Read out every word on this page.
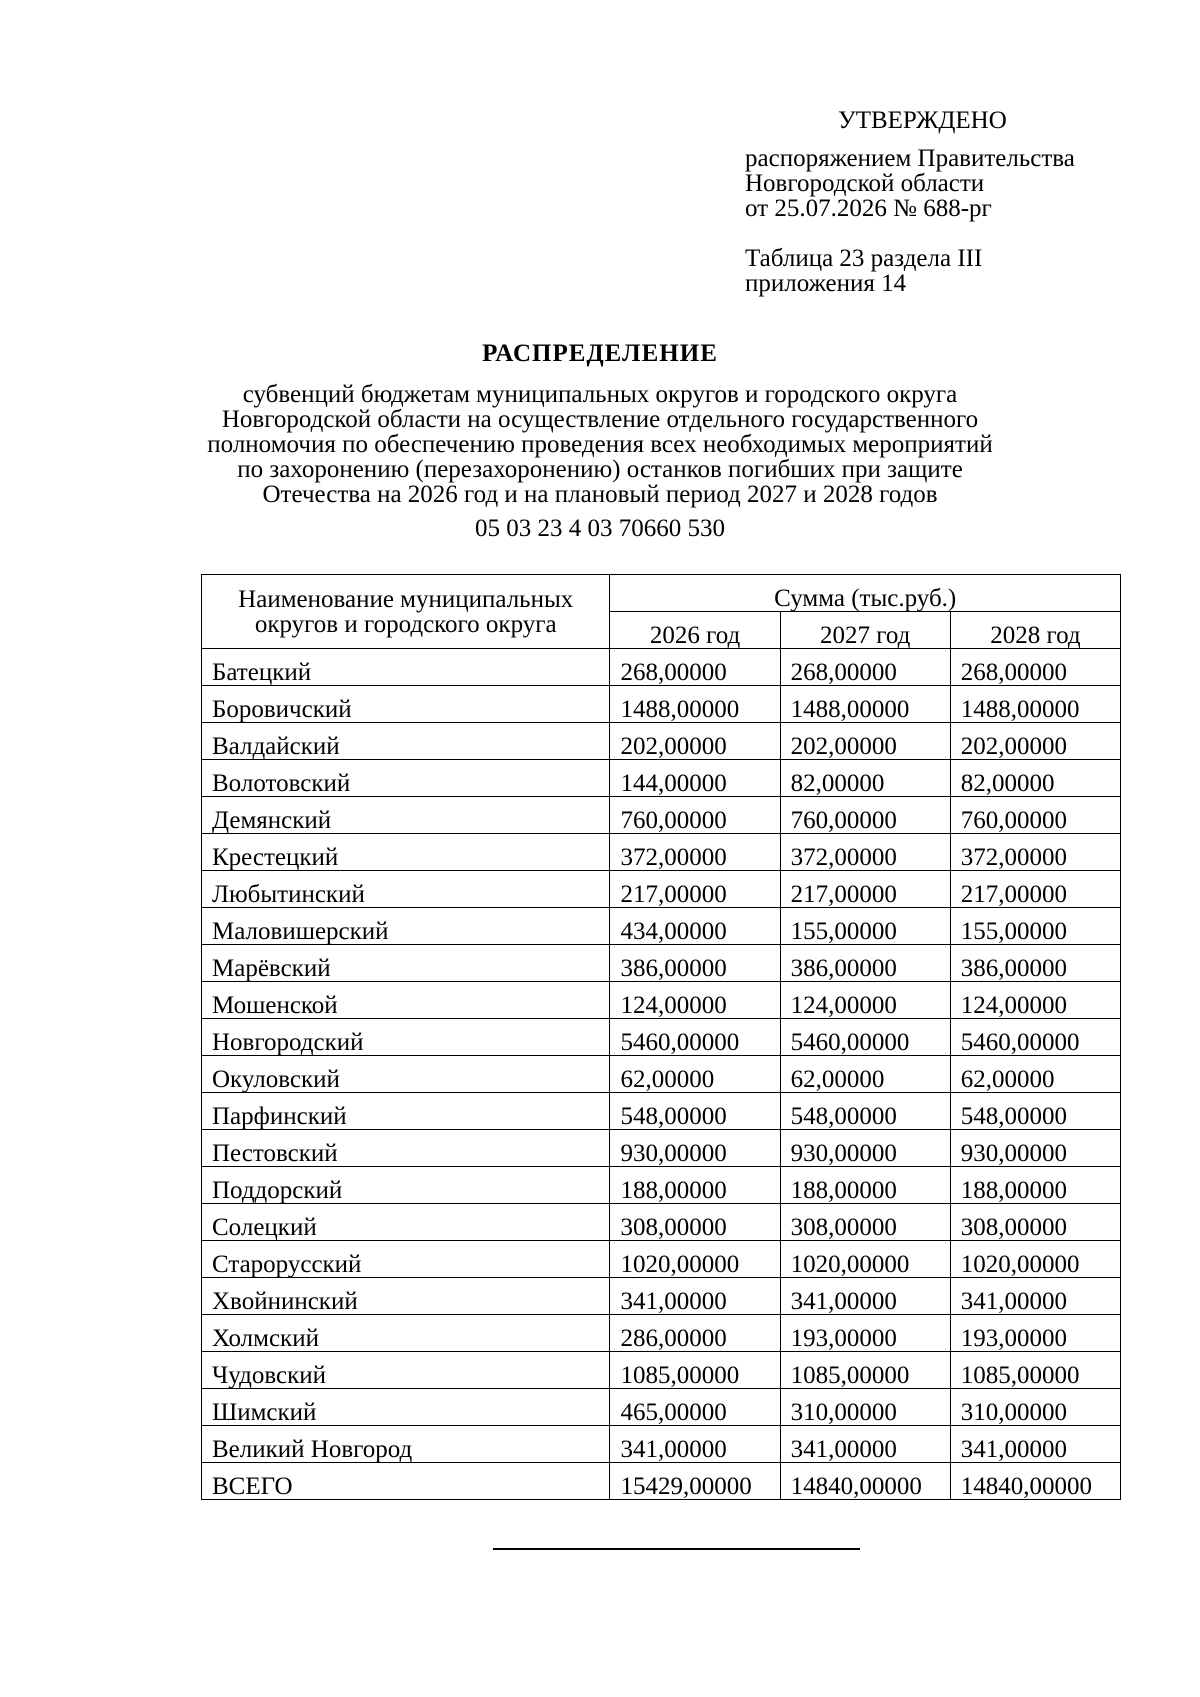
УТВЕРЖДЕНО
распоряжением Правительства
Новгородской области
от 25.07.2026 № 688-рг
Таблица 23 раздела III
приложения 14
РАСПРЕДЕЛЕНИЕ
субвенций бюджетам муниципальных округов и городского округа
Новгородской области на осуществление отдельного государственного
полномочия по обеспечению проведения всех необходимых мероприятий
по захоронению (перезахоронению) останков погибших при защите
Отечества на 2026 год и на плановый период 2027 и 2028 годов
05 03 23 4 03 70660 530
Наименование муниципальных
округов и городского округа	Сумма (тыс.руб.)		
	2026 год	2027 год	2028 год
Батецкий	268,00000	268,00000	268,00000
Боровичский	1488,00000	1488,00000	1488,00000
Валдайский	202,00000	202,00000	202,00000
Волотовский	144,00000	82,00000	82,00000
Демянский	760,00000	760,00000	760,00000
Крестецкий	372,00000	372,00000	372,00000
Любытинский	217,00000	217,00000	217,00000
Маловишерский	434,00000	155,00000	155,00000
Марёвский	386,00000	386,00000	386,00000
Мошенской	124,00000	124,00000	124,00000
Новгородский	5460,00000	5460,00000	5460,00000
Окуловский	62,00000	62,00000	62,00000
Парфинский	548,00000	548,00000	548,00000
Пестовский	930,00000	930,00000	930,00000
Поддорский	188,00000	188,00000	188,00000
Солецкий	308,00000	308,00000	308,00000
Старорусский	1020,00000	1020,00000	1020,00000
Хвойнинский	341,00000	341,00000	341,00000
Холмский	286,00000	193,00000	193,00000
Чудовский	1085,00000	1085,00000	1085,00000
Шимский	465,00000	310,00000	310,00000
Великий Новгород	341,00000	341,00000	341,00000
ВСЕГО	15429,00000	14840,00000	14840,00000
